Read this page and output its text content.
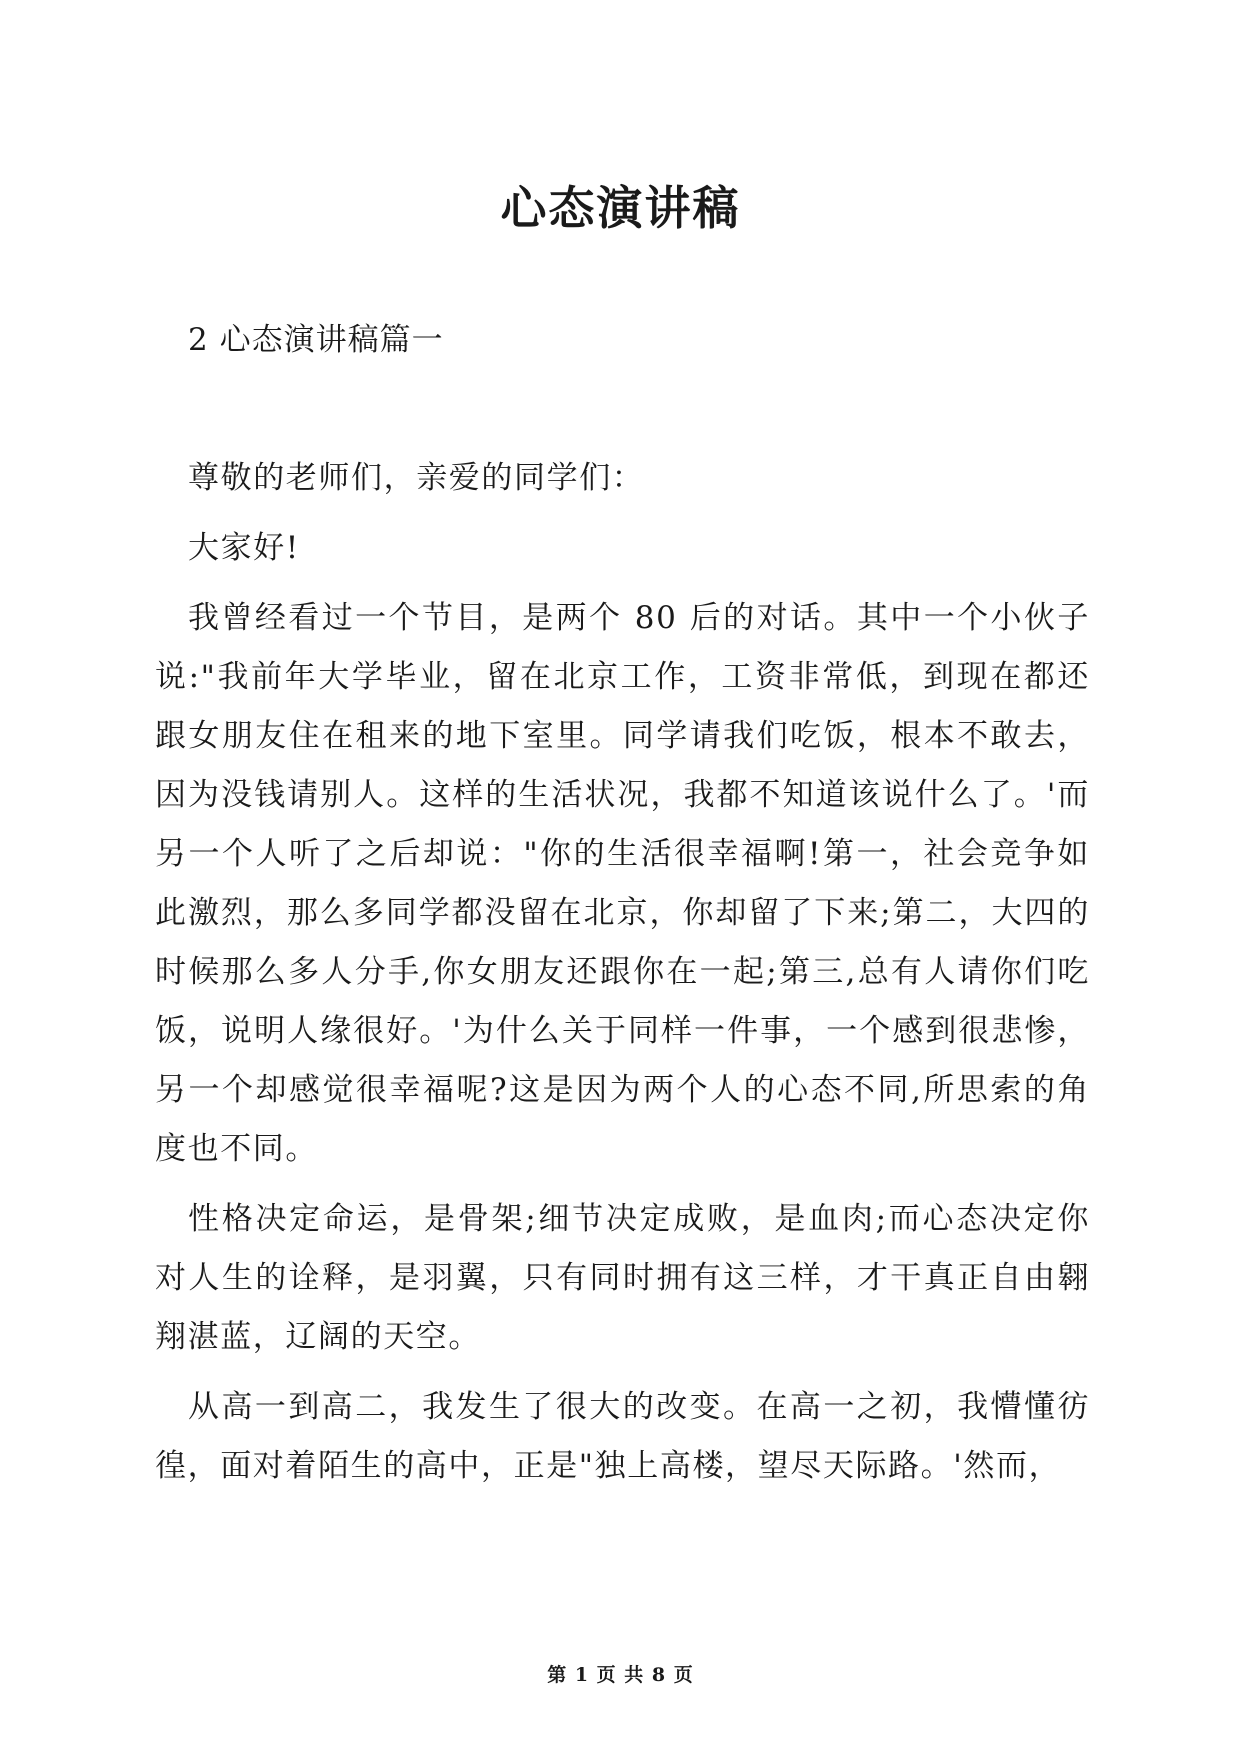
心态演讲稿
2 心态演讲稿篇一

尊敬的老师们，亲爱的同学们：

大家好!

我曾经看过一个节目，是两个 80 后的对话。其中一个小伙子说:"我前年大学毕业，留在北京工作，工资非常低，到现在都还跟女朋友住在租来的地下室里。同学请我们吃饭，根本不敢去，因为没钱请别人。这样的生活状况，我都不知道该说什么了。'而另一个人听了之后却说："你的生活很幸福啊!第一，社会竞争如此激烈，那么多同学都没留在北京，你却留了下来;第二，大四的时候那么多人分手,你女朋友还跟你在一起;第三,总有人请你们吃饭，说明人缘很好。'为什么关于同样一件事，一个感到很悲惨，另一个却感觉很幸福呢?这是因为两个人的心态不同,所思索的角度也不同。

性格决定命运，是骨架;细节决定成败，是血肉;而心态决定你对人生的诠释，是羽翼，只有同时拥有这三样，才干真正自由翱翔湛蓝，辽阔的天空。

从高一到高二，我发生了很大的改变。在高一之初，我懵懂彷徨，面对着陌生的高中，正是"独上高楼，望尽天际路。'然而，

第 1 页 共 8 页
